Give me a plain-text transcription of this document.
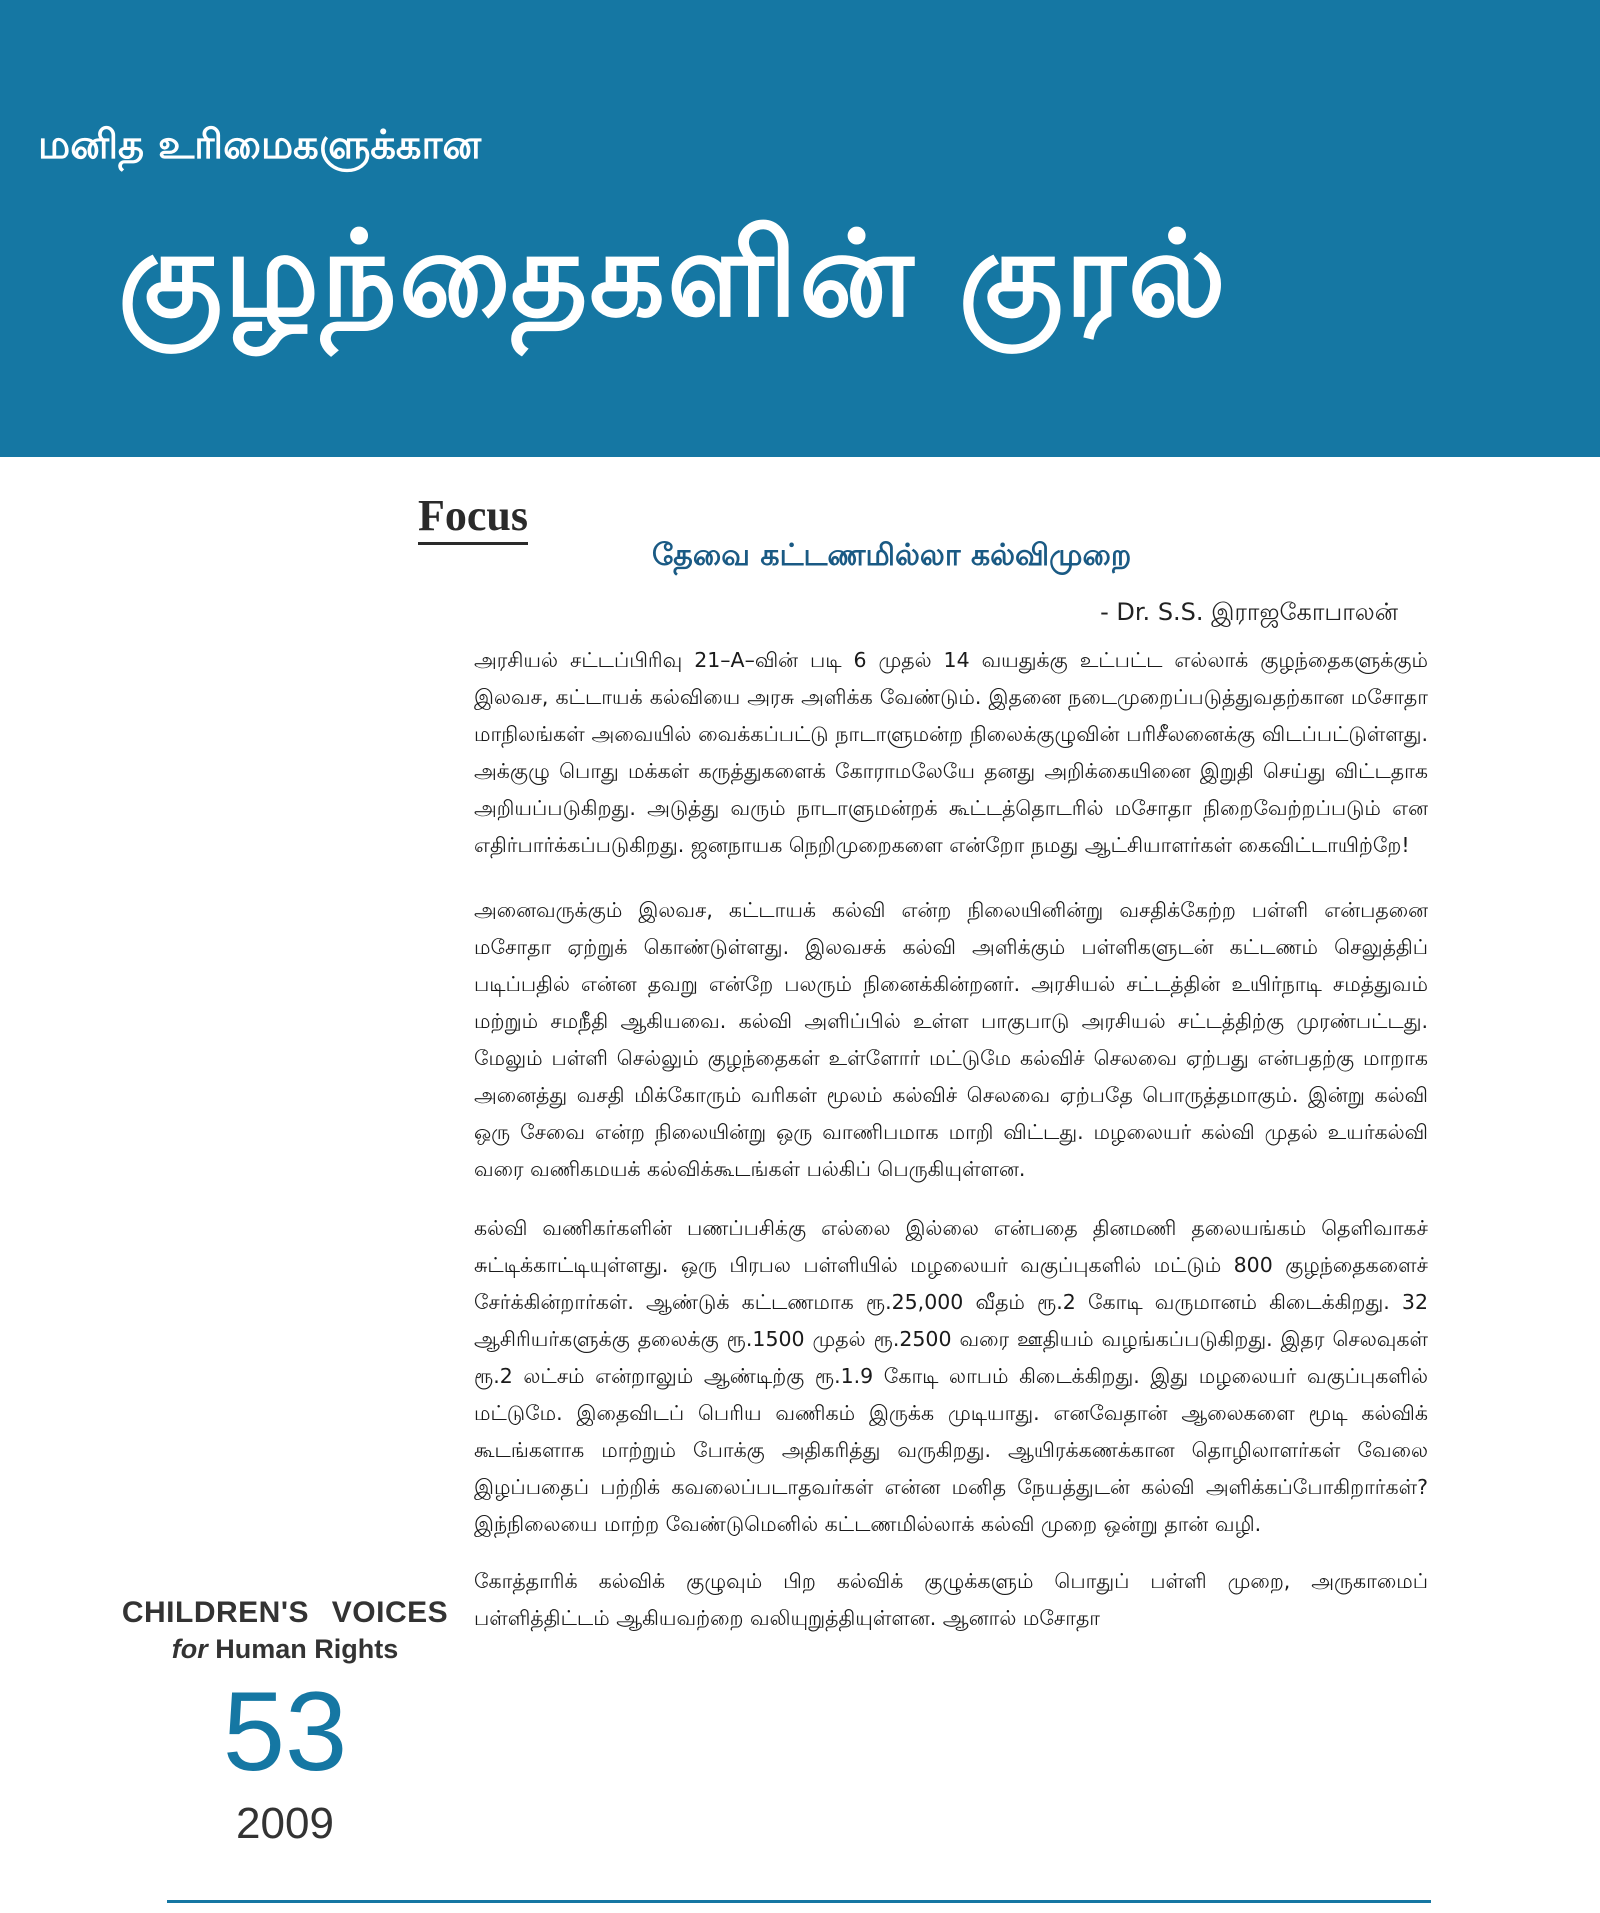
மனித உரிமைகளுக்கான
குழந்தைகளின் குரல்
Focus
தேவை கட்டணமில்லா கல்விமுறை
- Dr. S.S. இராஜகோபாலன்

அரசியல் சட்டப்பிரிவு 21–A–வின் படி 6 முதல் 14 வயதுக்கு உட்பட்ட எல்லாக் குழந்தைகளுக்கும் இலவச, கட்டாயக் கல்வியை அரசு அளிக்க வேண்டும். இதனை நடைமுறைப்படுத்துவதற்கான மசோதா மாநிலங்கள் அவையில் வைக்கப்பட்டு நாடாளுமன்ற நிலைக்குழுவின் பரிசீலனைக்கு விடப்பட்டுள்ளது. அக்குழு பொது மக்கள் கருத்துகளைக் கோராமலேயே தனது அறிக்கையினை இறுதி செய்து விட்டதாக அறியப்படுகிறது. அடுத்து வரும் நாடாளுமன்றக் கூட்டத்தொடரில் மசோதா நிறைவேற்றப்படும் என எதிர்பார்க்கப்படுகிறது. ஜனநாயக நெறிமுறைகளை என்றோ நமது ஆட்சியாளர்கள் கைவிட்டாயிற்றே!

அனைவருக்கும் இலவச, கட்டாயக் கல்வி என்ற நிலையினின்று வசதிக்கேற்ற பள்ளி என்பதனை மசோதா ஏற்றுக் கொண்டுள்ளது. இலவசக் கல்வி அளிக்கும் பள்ளிகளுடன் கட்டணம் செலுத்திப் படிப்பதில் என்ன தவறு என்றே பலரும் நினைக்கின்றனர். அரசியல் சட்டத்தின் உயிர்நாடி சமத்துவம் மற்றும் சமநீதி ஆகியவை. கல்வி அளிப்பில் உள்ள பாகுபாடு அரசியல் சட்டத்திற்கு முரண்பட்டது. மேலும் பள்ளி செல்லும் குழந்தைகள் உள்ளோர் மட்டுமே கல்விச் செலவை ஏற்பது என்பதற்கு மாறாக அனைத்து வசதி மிக்கோரும் வரிகள் மூலம் கல்விச் செலவை ஏற்பதே பொருத்தமாகும். இன்று கல்வி ஒரு சேவை என்ற நிலையின்று ஒரு வாணிபமாக மாறி விட்டது. மழலையர் கல்வி முதல் உயர்கல்வி வரை வணிகமயக் கல்விக்கூடங்கள் பல்கிப் பெருகியுள்ளன.

கல்வி வணிகர்களின் பணப்பசிக்கு எல்லை இல்லை என்பதை தினமணி தலையங்கம் தெளிவாகச் சுட்டிக்காட்டியுள்ளது. ஒரு பிரபல பள்ளியில் மழலையர் வகுப்புகளில் மட்டும் 800 குழந்தைகளைச் சேர்க்கின்றார்கள். ஆண்டுக் கட்டணமாக ரூ.25,000 வீதம் ரூ.2 கோடி வருமானம் கிடைக்கிறது. 32 ஆசிரியர்களுக்கு தலைக்கு ரூ.1500 முதல் ரூ.2500 வரை ஊதியம் வழங்கப்படுகிறது. இதர செலவுகள் ரூ.2 லட்சம் என்றாலும் ஆண்டிற்கு ரூ.1.9 கோடி லாபம் கிடைக்கிறது. இது மழலையர் வகுப்புகளில் மட்டுமே. இதைவிடப் பெரிய வணிகம் இருக்க முடியாது. எனவேதான் ஆலைகளை மூடி கல்விக் கூடங்களாக மாற்றும் போக்கு அதிகரித்து வருகிறது. ஆயிரக்கணக்கான தொழிலாளர்கள் வேலை இழப்பதைப் பற்றிக் கவலைப்படாதவர்கள் என்ன மனித நேயத்துடன் கல்வி அளிக்கப்போகிறார்கள்? இந்நிலையை மாற்ற வேண்டுமெனில் கட்டணமில்லாக் கல்வி முறை ஒன்று தான் வழி.

கோத்தாரிக் கல்விக் குழுவும் பிற கல்விக் குழுக்களும் பொதுப் பள்ளி முறை, அருகாமைப் பள்ளித்திட்டம் ஆகியவற்றை வலியுறுத்தியுள்ளன. ஆனால் மசோதா

CHILDREN'S VOICES
for Human Rights
53
2009
